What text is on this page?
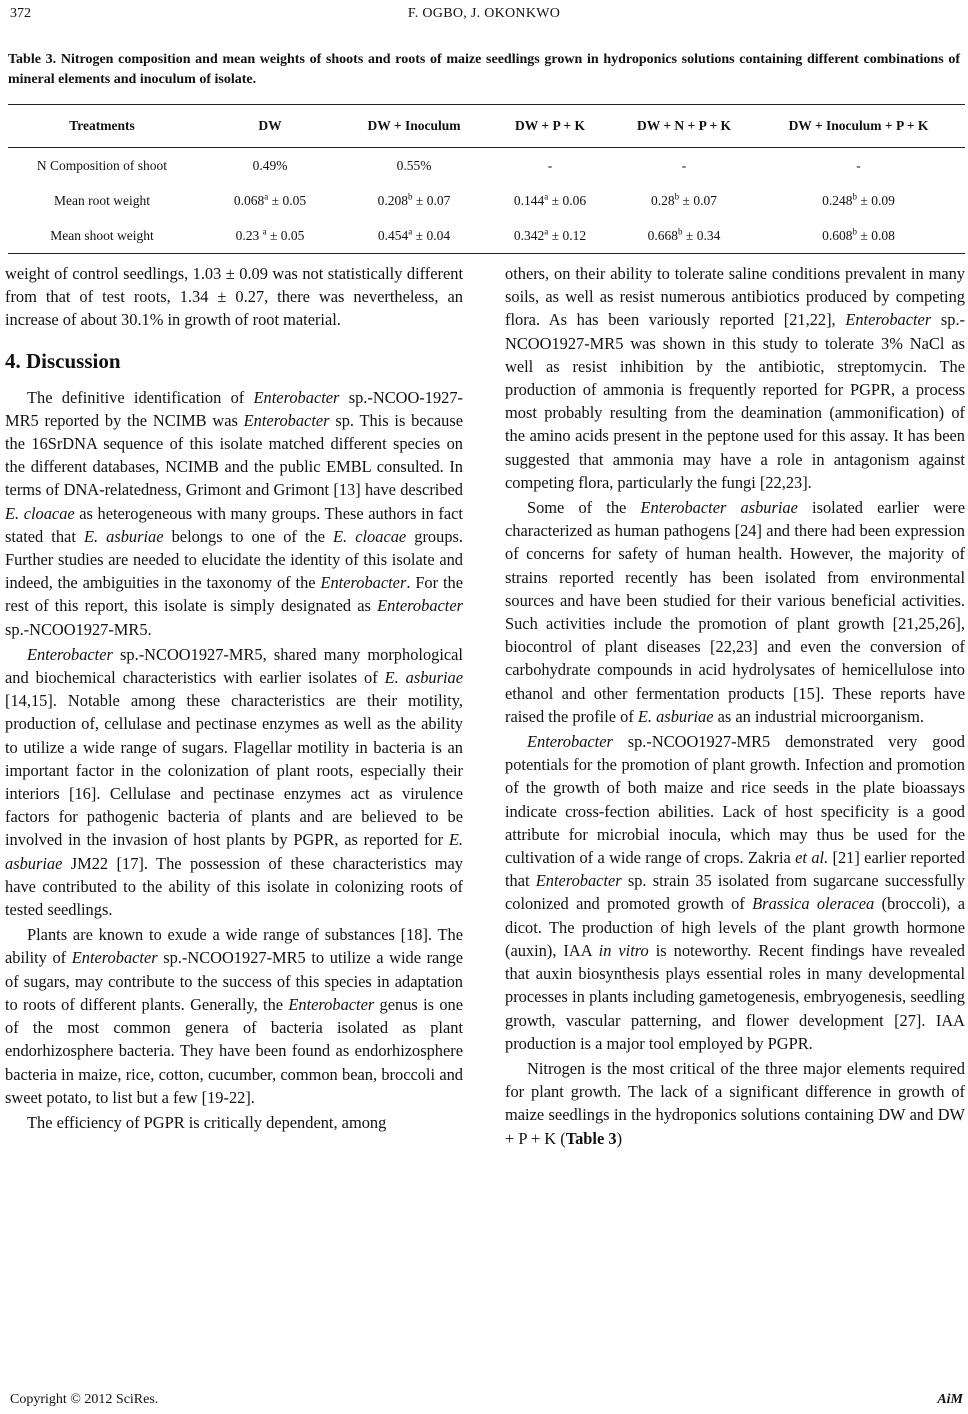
372	F. OGBO, J. OKONKWO
Table 3. Nitrogen composition and mean weights of shoots and roots of maize seedlings grown in hydroponics solutions containing different combinations of mineral elements and inoculum of isolate.
Treatments	DW	DW + Inoculum	DW + P + K	DW + N + P + K	DW + Inoculum + P + K
N Composition of shoot	0.49%	0.55%	-	-	-
Mean root weight	0.068$^a$ ± 0.05	0.208$^b$ ± 0.07	0.144$^a$ ± 0.06	0.28$^b$ ± 0.07	0.248$^b$ ± 0.09
Mean shoot weight	0.23 $^a$ ± 0.05	0.454$^a$ ± 0.04	0.342$^a$ ± 0.12	0.668$^b$ ± 0.34	0.608$^b$ ± 0.08

weight of control seedlings, 1.03 ± 0.09 was not statistically different from that of test roots, 1.34 ± 0.27, there was nevertheless, an increase of about 30.1% in growth of root material.

4. Discussion

The definitive identification of Enterobacter sp.-NCOO-1927- MR5 reported by the NCIMB was Enterobacter sp. This is because the 16SrDNA sequence of this isolate matched different species on the different databases, NCIMB and the public EMBL consulted. In terms of DNA-relatedness, Grimont and Grimont [13] have described E. cloacae as heterogeneous with many groups. These authors in fact stated that E. asburiae belongs to one of the E. cloacae groups. Further studies are needed to elucidate the identity of this isolate and indeed, the ambiguities in the taxonomy of the Enterobacter. For the rest of this report, this isolate is simply designated as Enterobacter sp.-NCOO1927-MR5.

Enterobacter sp.-NCOO1927-MR5, shared many morphological and biochemical characteristics with earlier isolates of E. asburiae [14,15]. Notable among these characteristics are their motility, production of, cellulase and pectinase enzymes as well as the ability to utilize a wide range of sugars. Flagellar motility in bacteria is an important factor in the colonization of plant roots, especially their interiors [16]. Cellulase and pectinase enzymes act as virulence factors for pathogenic bacteria of plants and are believed to be involved in the invasion of host plants by PGPR, as reported for E. asburiae JM22 [17]. The possession of these characteristics may have contributed to the ability of this isolate in colonizing roots of tested seedlings.

Plants are known to exude a wide range of substances [18]. The ability of Enterobacter sp.-NCOO1927-MR5 to utilize a wide range of sugars, may contribute to the success of this species in adaptation to roots of different plants. Generally, the Enterobacter genus is one of the most common genera of bacteria isolated as plant endorhizosphere bacteria. They have been found as endorhizosphere bacteria in maize, rice, cotton, cucumber, common bean, broccoli and sweet potato, to list but a few [19-22].

The efficiency of PGPR is critically dependent, among

others, on their ability to tolerate saline conditions prevalent in many soils, as well as resist numerous antibiotics produced by competing flora. As has been variously reported [21,22], Enterobacter sp.-NCOO1927-MR5 was shown in this study to tolerate 3% NaCl as well as resist inhibition by the antibiotic, streptomycin. The production of ammonia is frequently reported for PGPR, a process most probably resulting from the deamination (ammonification) of the amino acids present in the peptone used for this assay. It has been suggested that ammonia may have a role in antagonism against competing flora, particularly the fungi [22,23].

Some of the Enterobacter asburiae isolated earlier were characterized as human pathogens [24] and there had been expression of concerns for safety of human health. However, the majority of strains reported recently has been isolated from environmental sources and have been studied for their various beneficial activities. Such activities include the promotion of plant growth [21,25,26], biocontrol of plant diseases [22,23] and even the conversion of carbohydrate compounds in acid hydrolysates of hemicellulose into ethanol and other fermentation products [15]. These reports have raised the profile of E. asburiae as an industrial microorganism.

Enterobacter sp.-NCOO1927-MR5 demonstrated very good potentials for the promotion of plant growth. Infection and promotion of the growth of both maize and rice seeds in the plate bioassays indicate cross-fection abilities. Lack of host specificity is a good attribute for microbial inocula, which may thus be used for the cultivation of a wide range of crops. Zakria et al. [21] earlier reported that Enterobacter sp. strain 35 isolated from sugarcane successfully colonized and promoted growth of Brassica oleracea (broccoli), a dicot. The production of high levels of the plant growth hormone (auxin), IAA in vitro is noteworthy. Recent findings have revealed that auxin biosynthesis plays essential roles in many developmental processes in plants including gametogenesis, embryogenesis, seedling growth, vascular patterning, and flower development [27]. IAA production is a major tool employed by PGPR.

Nitrogen is the most critical of the three major elements required for plant growth. The lack of a significant difference in growth of maize seedlings in the hydroponics solutions containing DW and DW + P + K (Table 3)

Copyright © 2012 SciRes.	AiM
